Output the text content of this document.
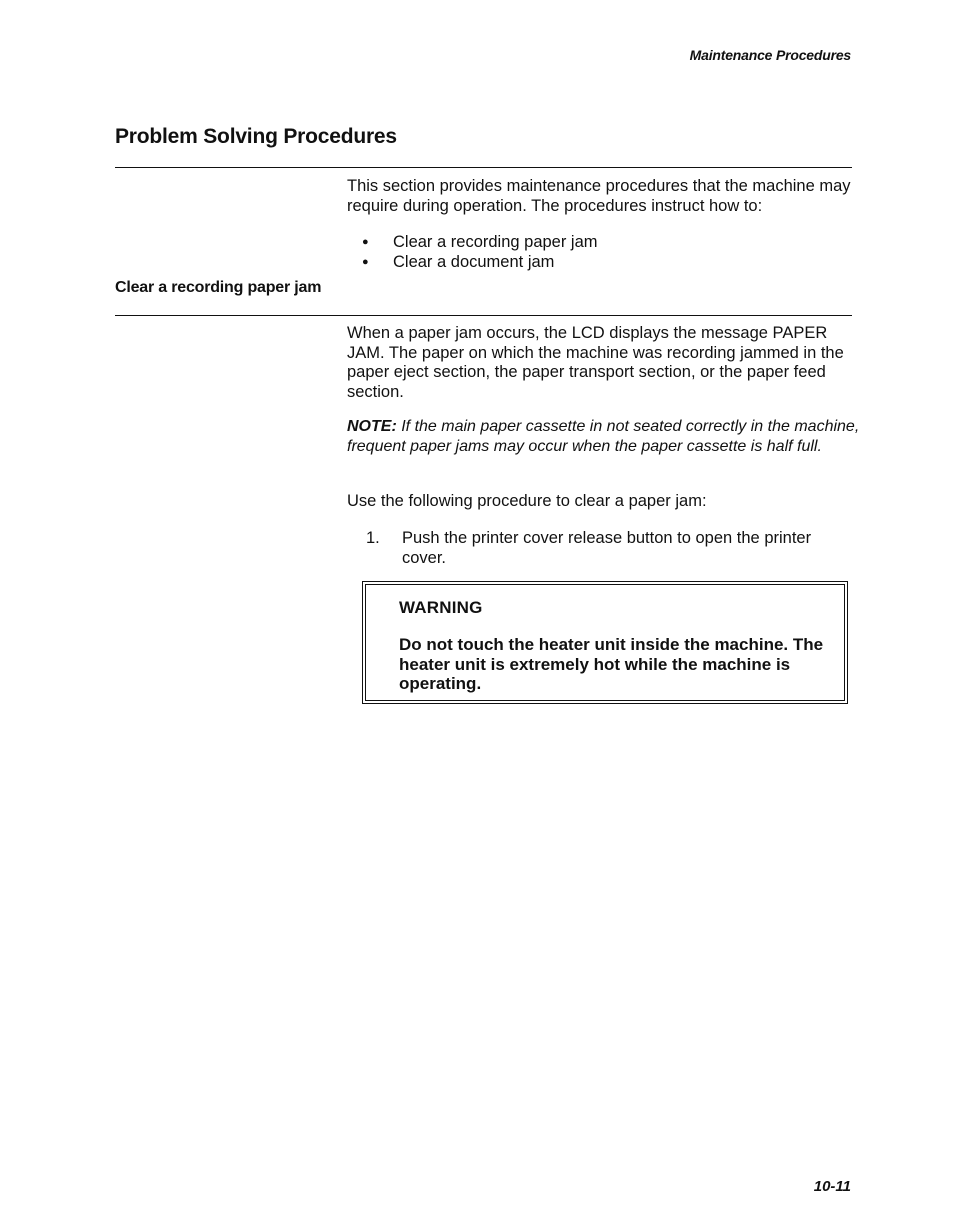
Maintenance Procedures
Problem Solving Procedures

This section provides maintenance procedures that the machine may require during operation. The procedures instruct how to:

● Clear a recording paper jam
● Clear a document jam
Clear a recording paper jam

When a paper jam occurs, the LCD displays the message PAPER JAM. The paper on which the machine was recording jammed in the paper eject section, the paper transport section, or the paper feed section.

NOTE: If the main paper cassette in not seated correctly in the machine, frequent paper jams may occur when the paper cassette is half full.

Use the following procedure to clear a paper jam:

1. Push the printer cover release button to open the printer cover.
WARNING
Do not touch the heater unit inside the machine. The heater unit is extremely hot while the machine is operating.
10-11
